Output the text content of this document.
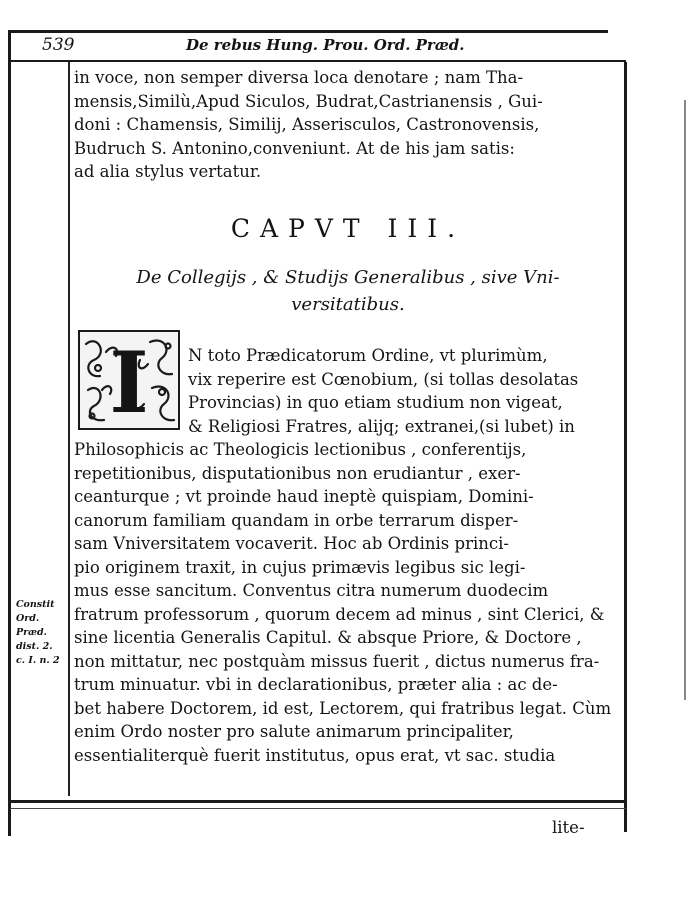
539	De rebus Hung. Prou. Ord. Præd.

in voce, non semper diversa loca denotare ; nam Tha-
mensis,Similù,Apud Siculos, Budrat,Castrianensis , Gui-
doni : Chamensis, Similij, Asserisculos, Castronovensis,
Budruch S. Antonino,conveniunt. At de his jam satis:
ad alia stylus vertatur.

CAPVT III.
De Collegijs , & Studijs Generalibus , sive Vni-
versitatibus.
I N toto Prædicatorum Ordine, vt plurimùm,
vix reperire est Cœnobium, (si tollas desolatas
Provincias) in quo etiam studium non vigeat,
& Religiosi Fratres, alijq; extranei,(si lubet) in

Philosophicis ac Theologicis lectionibus , conferentijs,
repetitionibus, disputationibus non erudiantur , exer-
ceanturque ; vt proinde haud ineptè quispiam, Domini-
canorum familiam quandam in orbe terrarum disper-
sam Vniversitatem vocaverit. Hoc ab Ordinis princi-
pio originem traxit, in cujus primævis legibus sic legi-
mus esse sancitum. Conventus citra numerum duodecim
fratrum professorum , quorum decem ad minus , sint Clerici, &
sine licentia Generalis Capitul. & absque Priore, & Doctore ,
non mittatur, nec postquàm missus fuerit , dictus numerus fra-
trum minuatur. vbi in declarationibus, præter alia : ac de-
bet habere Doctorem, id est, Lectorem, qui fratribus legat. Cùm
enim Ordo noster pro salute animarum principaliter,
essentialiterquè fuerit institutus, opus erat, vt sac. studia

Constit
Ord.
Præd.
dist. 2.
c. I. n. 2
lite-
